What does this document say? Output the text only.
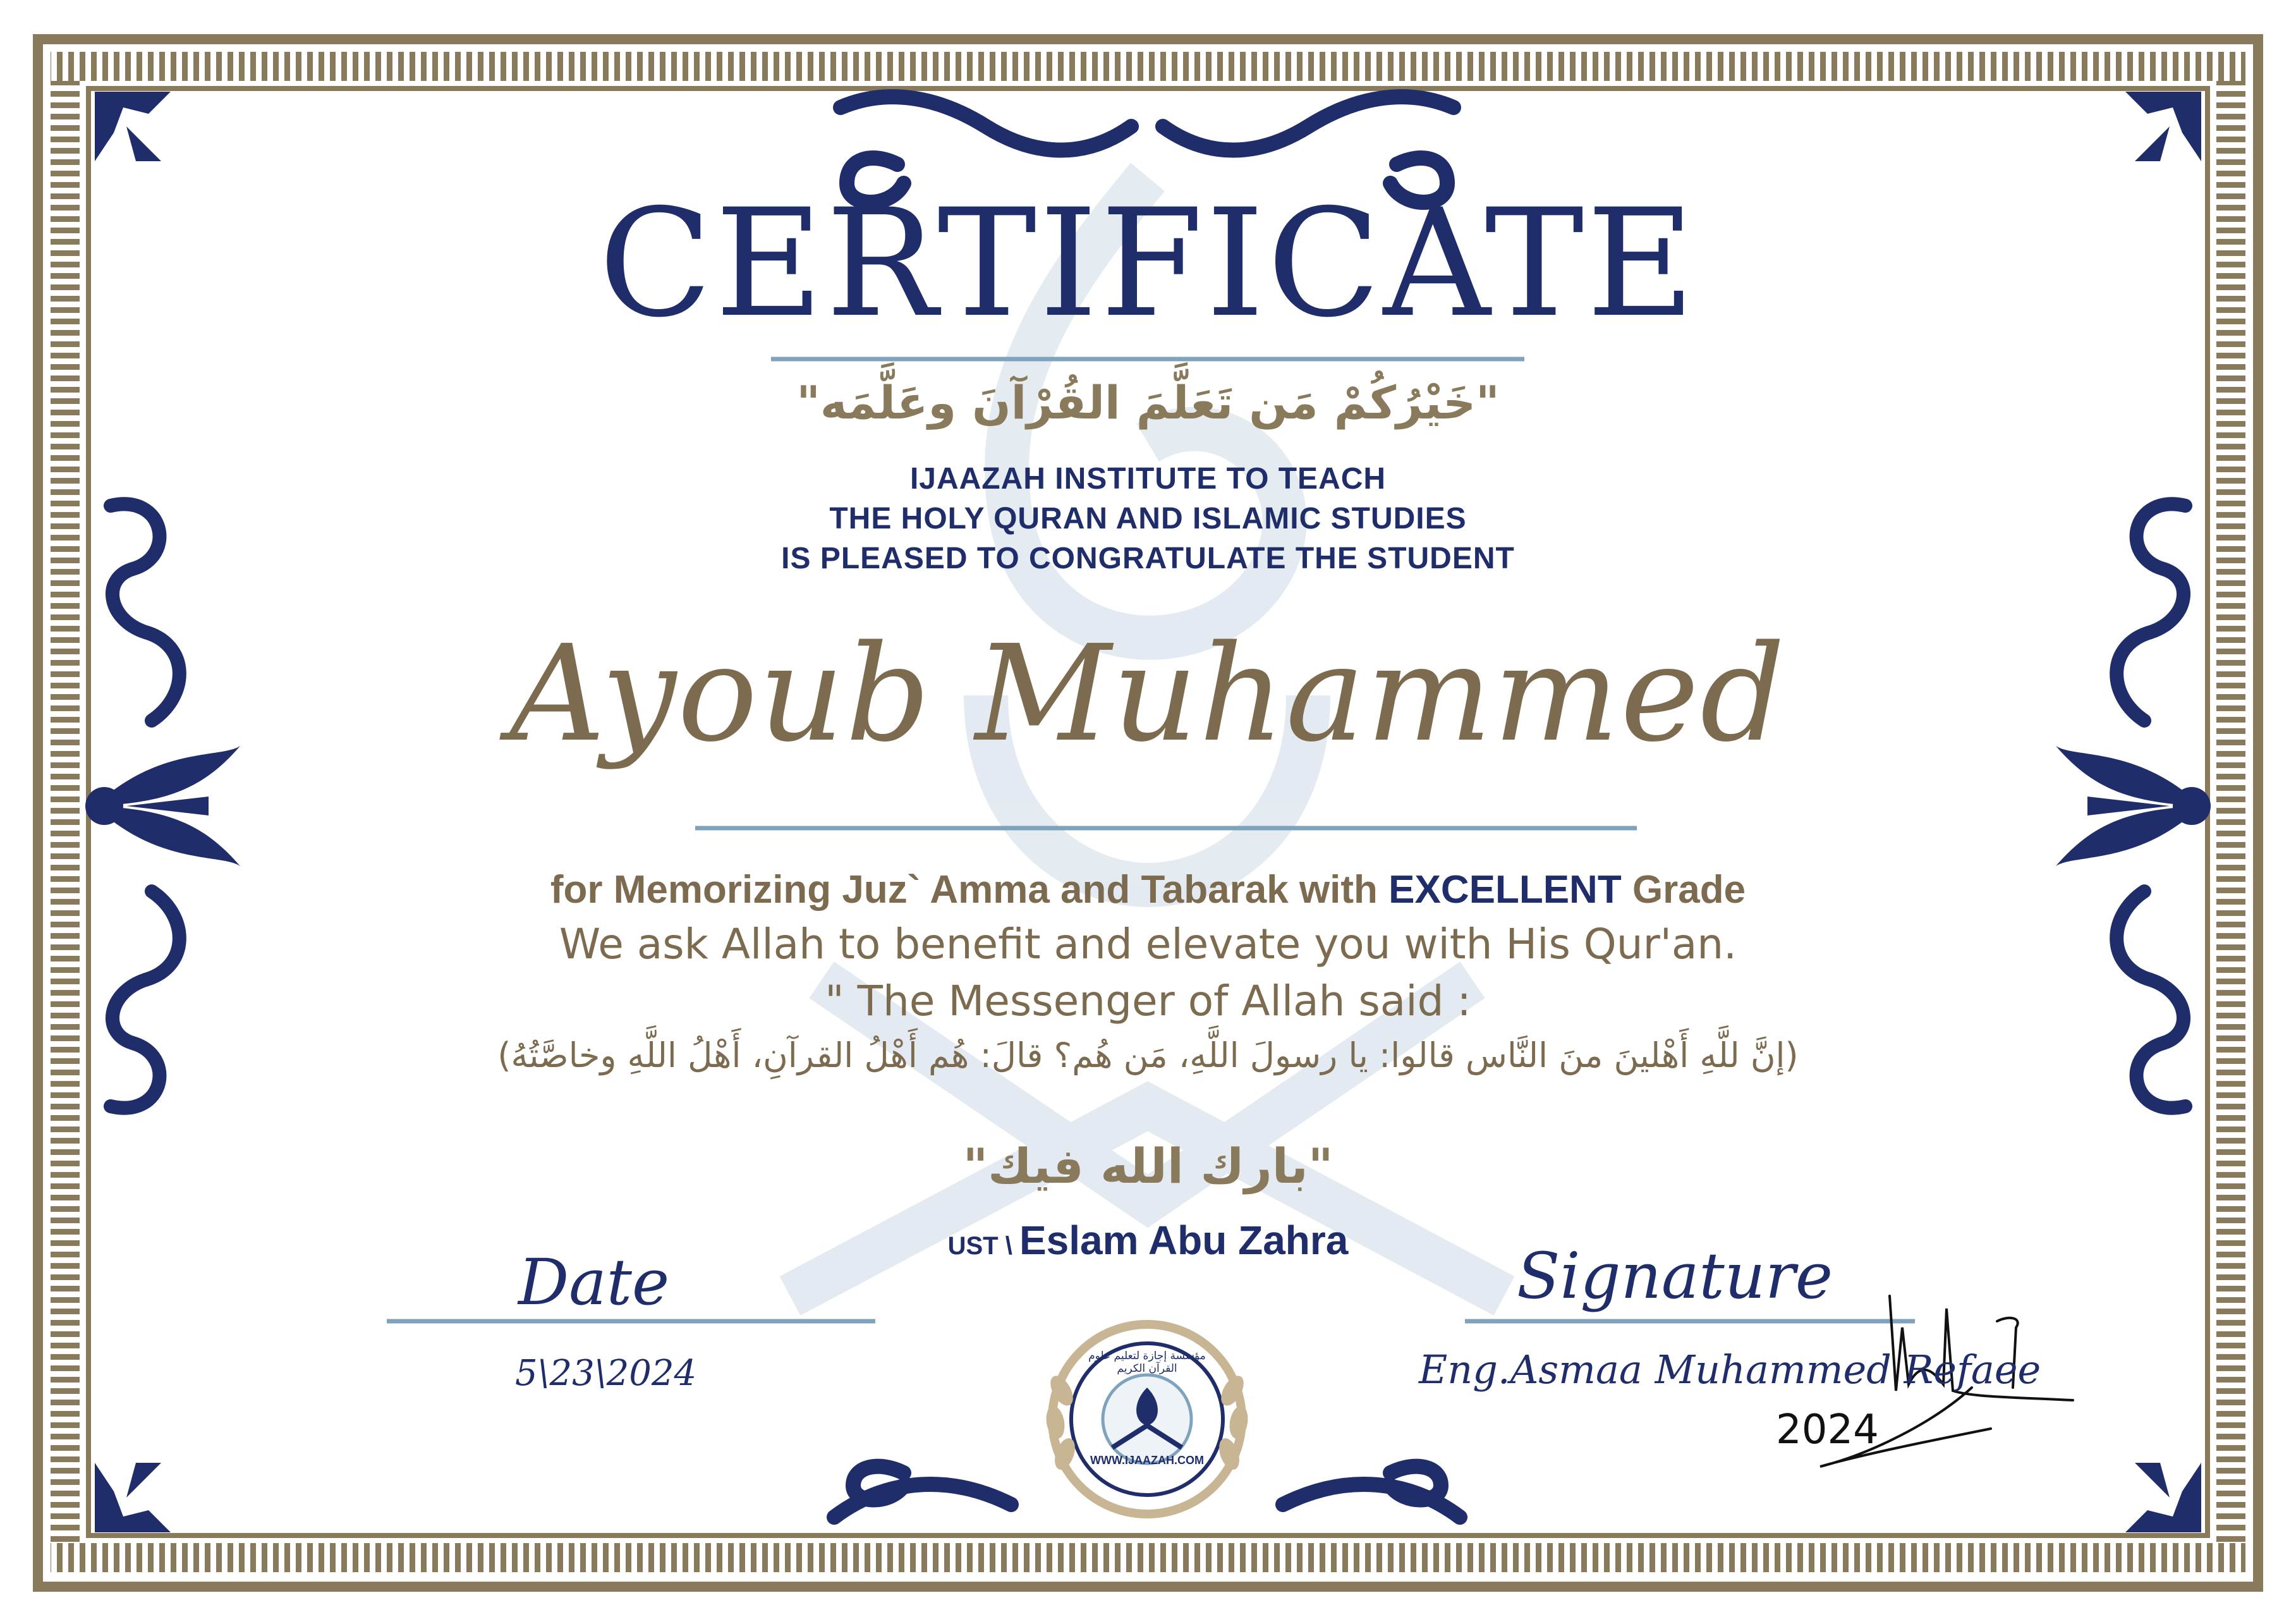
CERTIFICATE
"خَيْرُكُمْ مَن تَعَلَّمَ القُرْآنَ وعَلَّمَه"
IJAAZAH INSTITUTE TO TEACH
THE HOLY QURAN AND ISLAMIC STUDIES
IS PLEASED TO CONGRATULATE THE STUDENT
Ayoub Muhammed
for Memorizing Juz` Amma and Tabarak with EXCELLENT Grade
We ask Allah to benefit and elevate you with His Qur'an.
" The Messenger of Allah said :
(إنَّ للَّهِ أَهْلينَ منَ النَّاس قالوا: يا رسولَ اللَّهِ، مَن هُم؟ قالَ: هُم أَهْلُ القرآنِ، أَهْلُ اللَّهِ وخاصَّتُهُ)
"بارك الله فيك"
UST \ Eslam Abu Zahra
Date	Signature
5\23\2024	Eng.Asmaa Muhammed Refaee
2024
WWW.IJAAZAH.COM
مؤسسة إجازة لتعليم علوم القرآن الكريم
